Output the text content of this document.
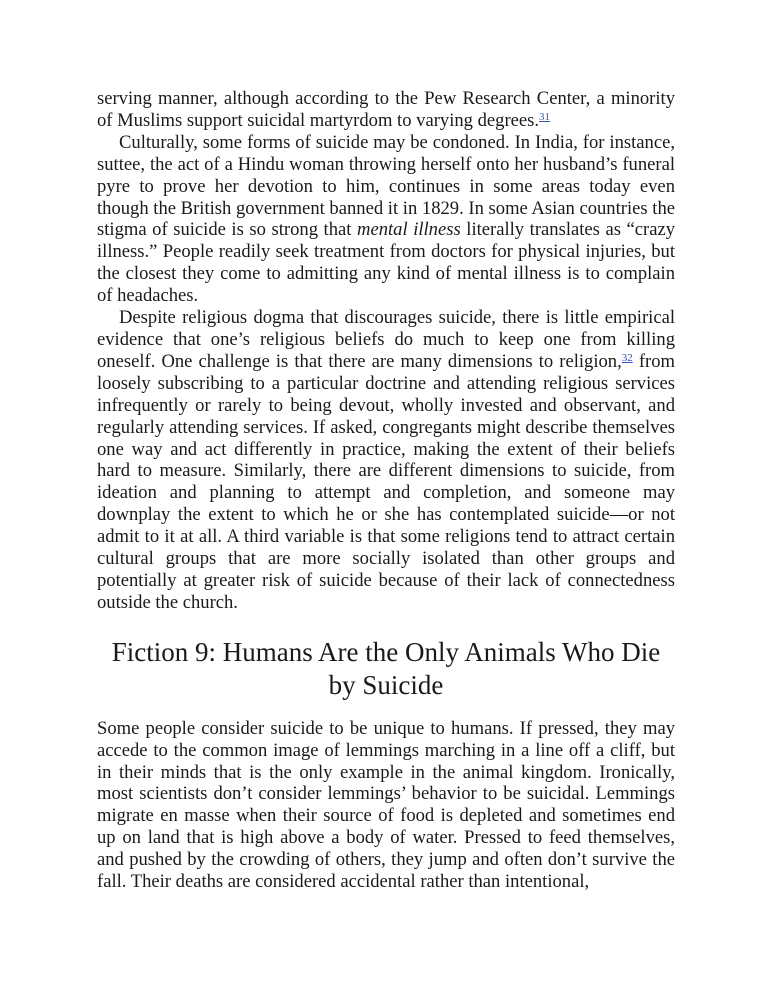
serving manner, although according to the Pew Research Center, a minority of Muslims support suicidal martyrdom to varying degrees.$^{31}$

Culturally, some forms of suicide may be condoned. In India, for instance, suttee, the act of a Hindu woman throwing herself onto her husband’s funeral pyre to prove her devotion to him, continues in some areas today even though the British government banned it in 1829. In some Asian countries the stigma of suicide is so strong that mental illness literally translates as “crazy illness.” People readily seek treatment from doctors for physical injuries, but the closest they come to admitting any kind of mental illness is to complain of headaches.

Despite religious dogma that discourages suicide, there is little empirical evidence that one’s religious beliefs do much to keep one from killing oneself. One challenge is that there are many dimensions to religion,$^{32}$ from loosely subscribing to a particular doctrine and attending religious services infrequently or rarely to being devout, wholly invested and observant, and regularly attending services. If asked, congregants might describe themselves one way and act differently in practice, making the extent of their beliefs hard to measure. Similarly, there are different dimensions to suicide, from ideation and planning to attempt and completion, and someone may downplay the extent to which he or she has contemplated suicide—or not admit to it at all. A third variable is that some religions tend to attract certain cultural groups that are more socially isolated than other groups and potentially at greater risk of suicide because of their lack of connectedness outside the church.

Fiction 9: Humans Are the Only Animals Who Die by Suicide

Some people consider suicide to be unique to humans. If pressed, they may accede to the common image of lemmings marching in a line off a cliff, but in their minds that is the only example in the animal kingdom. Ironically, most scientists don’t consider lemmings’ behavior to be suicidal. Lemmings migrate en masse when their source of food is depleted and sometimes end up on land that is high above a body of water. Pressed to feed themselves, and pushed by the crowding of others, they jump and often don’t survive the fall. Their deaths are considered accidental rather than intentional,
